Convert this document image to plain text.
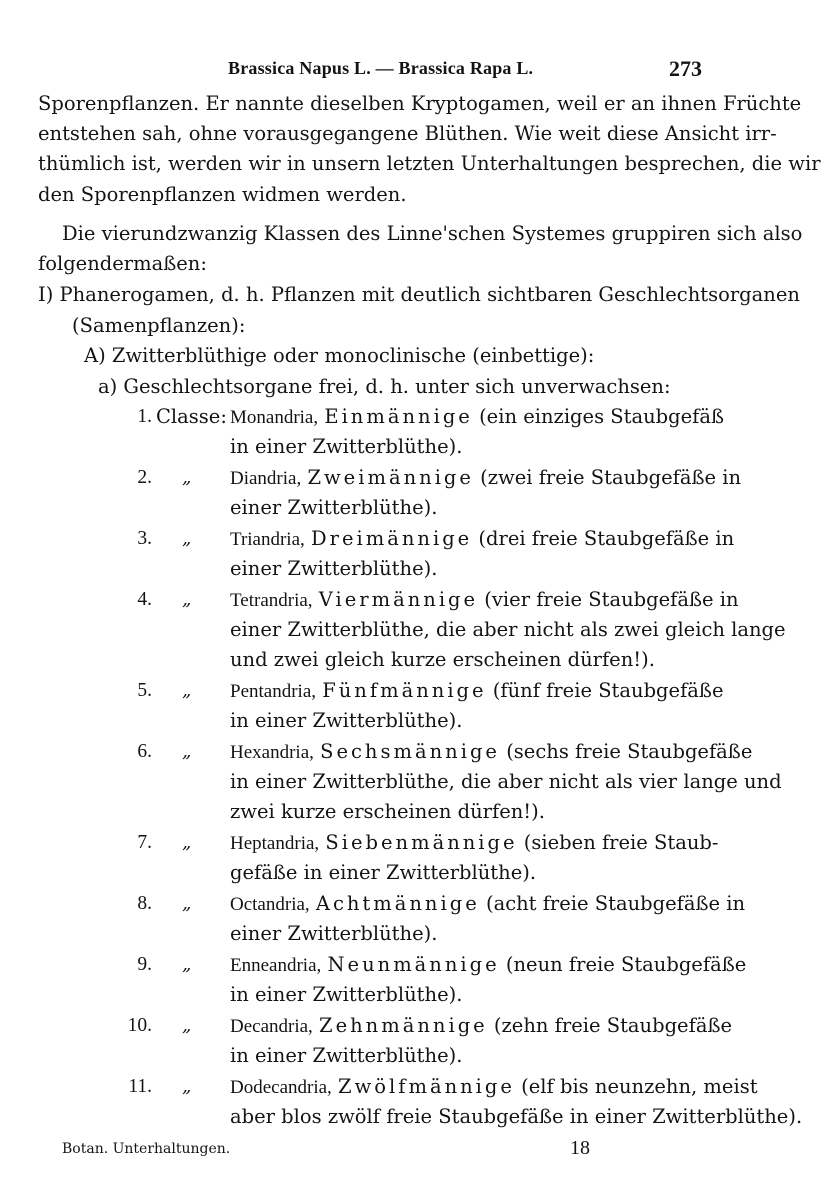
Brassica Napus L. — Brassica Rapa L.	273
Sporenpflanzen. Er nannte dieselben Kryptogamen, weil er an ihnen Früchte
entstehen sah, ohne vorausgegangene Blüthen. Wie weit diese Ansicht irr-
thümlich ist, werden wir in unsern letzten Unterhaltungen besprechen, die wir
den Sporenpflanzen widmen werden.
Die vierundzwanzig Klassen des Linne'schen Systemes gruppiren sich also
folgendermaßen:
I) Phanerogamen, d. h. Pflanzen mit deutlich sichtbaren Geschlechtsorganen
(Samenpflanzen):
A) Zwitterblüthige oder monoclinische (einbettige):
a) Geschlechtsorgane frei, d. h. unter sich unverwachsen:
1. Classe: Monandria, Einmännige (ein einziges Staubgefäß
in einer Zwitterblüthe).
2. „ Diandria, Zweimännige (zwei freie Staubgefäße in
einer Zwitterblüthe).
3. „ Triandria, Dreimännige (drei freie Staubgefäße in
einer Zwitterblüthe).
4. „ Tetrandria, Viermännige (vier freie Staubgefäße in
einer Zwitterblüthe, die aber nicht als zwei gleich lange
und zwei gleich kurze erscheinen dürfen!).
5. „ Pentandria, Fünfmännige (fünf freie Staubgefäße
in einer Zwitterblüthe).
6. „ Hexandria, Sechsmännige (sechs freie Staubgefäße
in einer Zwitterblüthe, die aber nicht als vier lange und
zwei kurze erscheinen dürfen!).
7. „ Heptandria, Siebenmännige (sieben freie Staub-
gefäße in einer Zwitterblüthe).
8. „ Octandria, Achtmännige (acht freie Staubgefäße in
einer Zwitterblüthe).
9. „ Enneandria, Neunmännige (neun freie Staubgefäße
in einer Zwitterblüthe).
10. „ Decandria, Zehnmännige (zehn freie Staubgefäße
in einer Zwitterblüthe).
11. „ Dodecandria, Zwölfmännige (elf bis neunzehn, meist
aber blos zwölf freie Staubgefäße in einer Zwitterblüthe).
Botan. Unterhaltungen.	18
